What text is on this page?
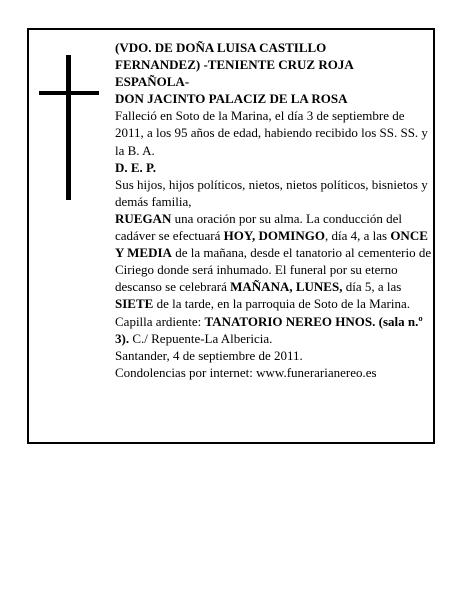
(VDO. DE DOÑA LUISA CASTILLO

FERNANDEZ) -TENIENTE CRUZ ROJA

ESPAÑOLA-

DON JACINTO PALACIZ DE LA ROSA

Falleció en Soto de la Marina, el día 3 de septiembre de 2011, a los 95 años de edad, habiendo recibido los SS. SS. y la B. A.

D. E. P.

Sus hijos, hijos políticos, nietos, nietos políticos, bisnietos y demás familia,

RUEGAN una oración por su alma. La conducción del cadáver se efectuará HOY, DOMINGO, día 4, a las ONCE Y MEDIA de la mañana, desde el tanatorio al cementerio de Ciriego donde será inhumado. El funeral por su eterno descanso se celebrará MAÑANA, LUNES, día 5, a las SIETE de la tarde, en la parroquia de Soto de la Marina. Capilla ardiente: TANATORIO NEREO HNOS. (sala n.º 3). C./ Repuente-La Albericia.

Santander, 4 de septiembre de 2011.

Condolencias por internet: www.funerarianereo.es
